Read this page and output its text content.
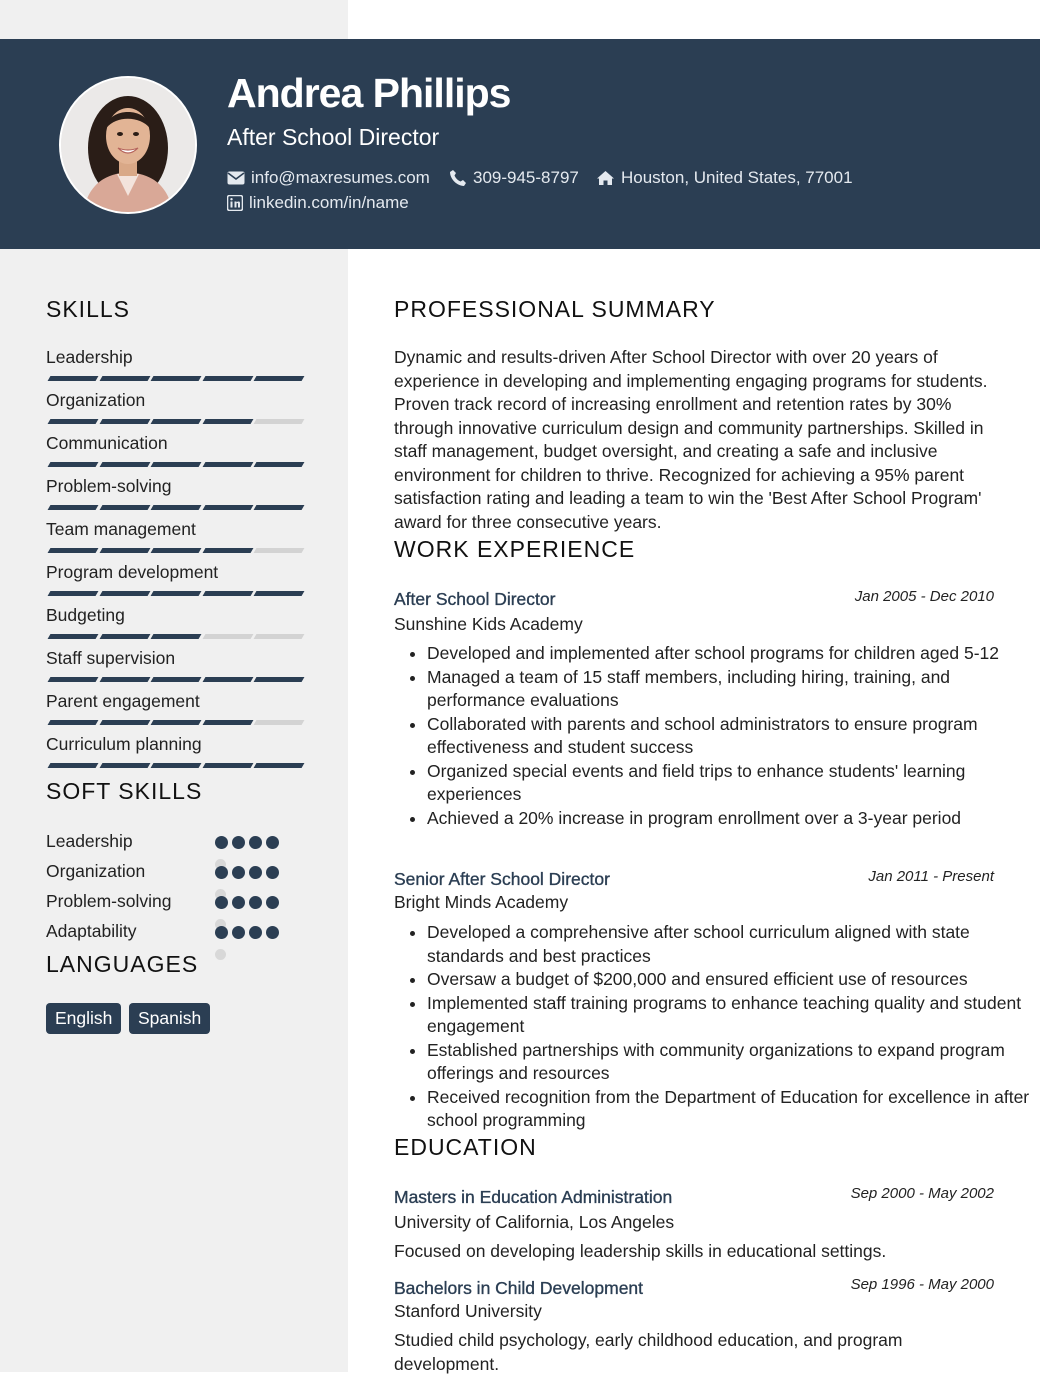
Andrea Phillips
After School Director
info@maxresumes.com	309-945-8797 Houston, United States, 77001
linkedin.com/in/name
SKILLS
Leadership
Organization
Communication
Problem-solving
Team management
Program development
Budgeting
Staff supervision
Parent engagement
Curriculum planning
SOFT SKILLS
Leadership
Organization
Problem-solving
Adaptability
LANGUAGES
English	Spanish
PROFESSIONAL SUMMARY

Dynamic and results-driven After School Director with over 20 years of experience in developing and implementing engaging programs for students. Proven track record of increasing enrollment and retention rates by 30% through innovative curriculum design and community partnerships. Skilled in staff management, budget oversight, and creating a safe and inclusive environment for children to thrive. Recognized for achieving a 95% parent satisfaction rating and leading a team to win the 'Best After School Program' award for three consecutive years.

WORK EXPERIENCE
After School Director	Jan 2005 - Dec 2010
Sunshine Kids Academy
• Developed and implemented after school programs for children aged 5-12
• Managed a team of 15 staff members, including hiring, training, and performance evaluations
• Collaborated with parents and school administrators to ensure program effectiveness and student success
• Organized special events and field trips to enhance students' learning experiences
• Achieved a 20% increase in program enrollment over a 3-year period
Senior After School Director	Jan 2011 - Present
Bright Minds Academy
• Developed a comprehensive after school curriculum aligned with state standards and best practices
• Oversaw a budget of $200,000 and ensured efficient use of resources
• Implemented staff training programs to enhance teaching quality and student engagement
• Established partnerships with community organizations to expand program offerings and resources
• Received recognition from the Department of Education for excellence in after school programming
EDUCATION
Masters in Education Administration	Sep 2000 - May 2002
University of California, Los Angeles

Focused on developing leadership skills in educational settings.

Bachelors in Child Development	Sep 1996 - May 2000
Stanford University

Studied child psychology, early childhood education, and program development.
